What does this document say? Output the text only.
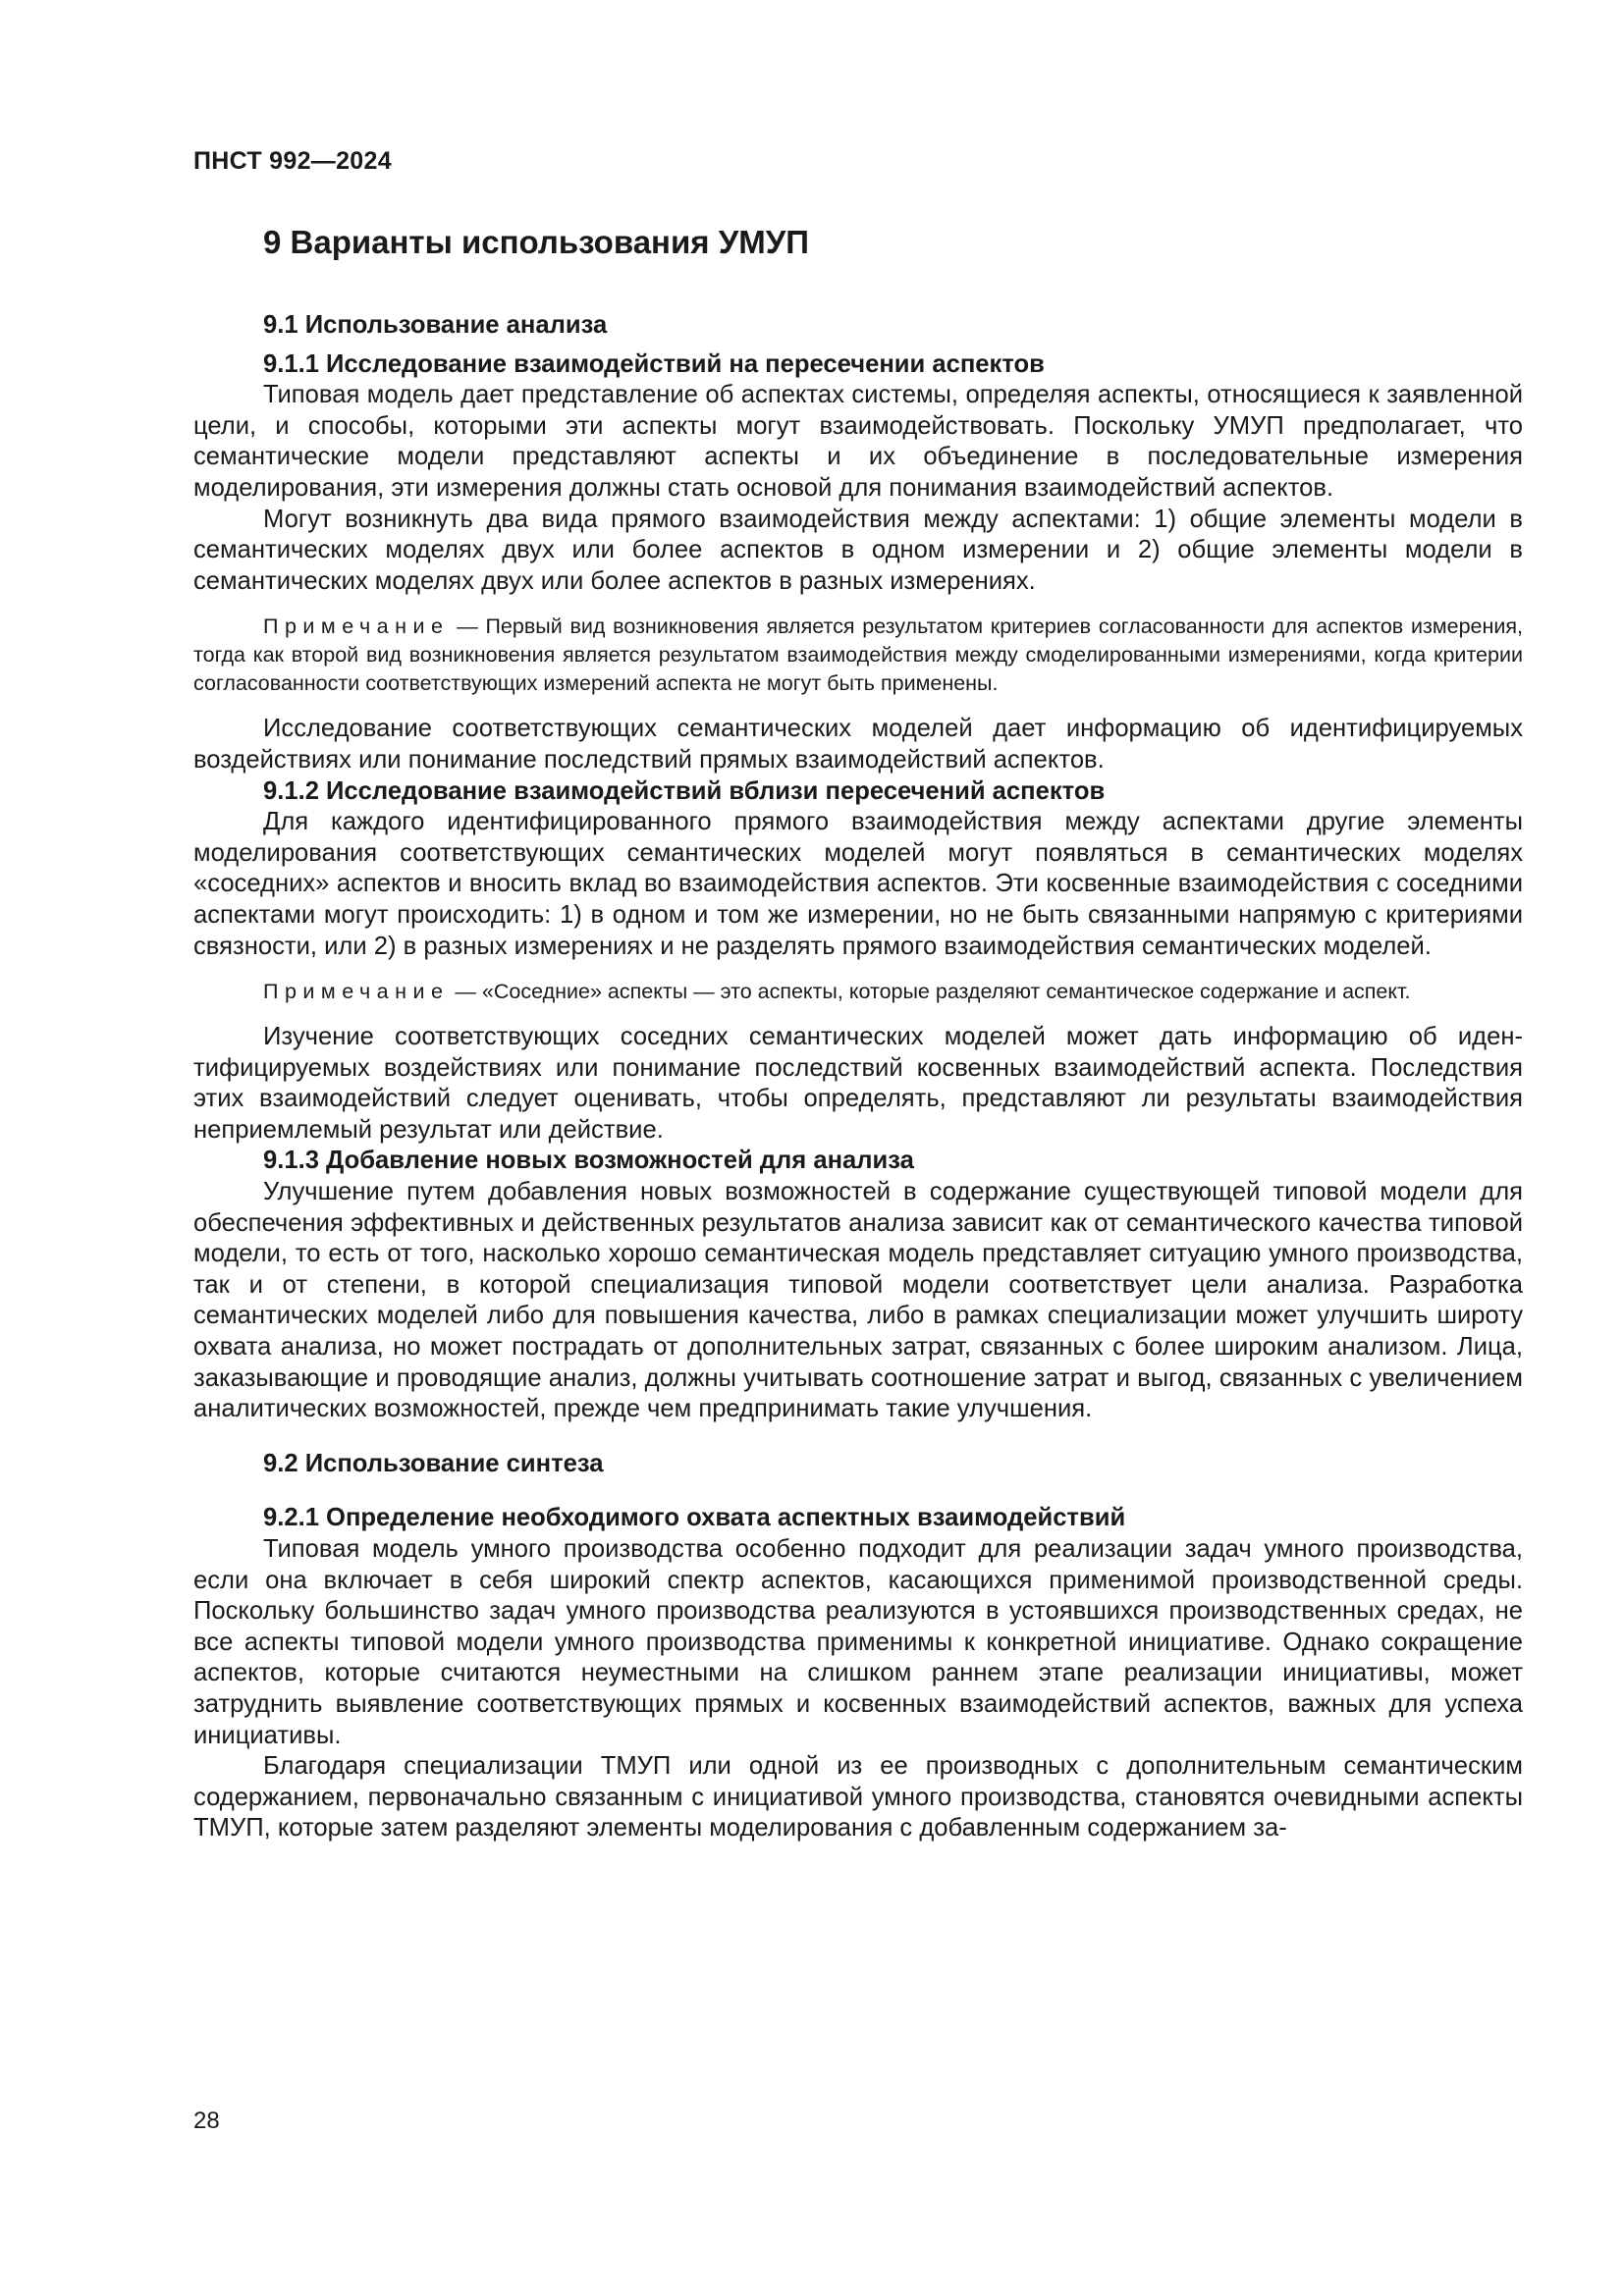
ПНСТ 992—2024

9 Варианты использования УМУП
9.1 Использование анализа
9.1.1 Исследование взаимодействий на пересечении аспектов

Типовая модель дает представление об аспектах системы, определяя аспекты, относящиеся к заявленной цели, и способы, которыми эти аспекты могут взаимодействовать. Поскольку УМУП предполагает, что семантические модели представляют аспекты и их объединение в последовательные измерения моделирования, эти измерения должны стать основой для понимания взаимодействий аспектов.

Могут возникнуть два вида прямого взаимодействия между аспектами: 1) общие элементы модели в семантических моделях двух или более аспектов в одном измерении и 2) общие элементы модели в семантических моделях двух или более аспектов в разных измерениях.

Примечание — Первый вид возникновения является результатом критериев согласованности для аспектов измерения, тогда как второй вид возникновения является результатом взаимодействия между смоделированными измерениями, когда критерии согласованности соответствующих измерений аспекта не могут быть применены.

Исследование соответствующих семантических моделей дает информацию об идентифицируемых воздействиях или понимание последствий прямых взаимодействий аспектов.

9.1.2 Исследование взаимодействий вблизи пересечений аспектов

Для каждого идентифицированного прямого взаимодействия между аспектами другие элементы моделирования соответствующих семантических моделей могут появляться в семантических моделях «соседних» аспектов и вносить вклад во взаимодействия аспектов. Эти косвенные взаимодействия с соседними аспектами могут происходить: 1) в одном и том же измерении, но не быть связанными напрямую с критериями связности, или 2) в разных измерениях и не разделять прямого взаимодействия семантических моделей.

Примечание — «Соседние» аспекты — это аспекты, которые разделяют семантическое содержание и аспект.

Изучение соответствующих соседних семантических моделей может дать информацию об идентифицируемых воздействиях или понимание последствий косвенных взаимодействий аспекта. Последствия этих взаимодействий следует оценивать, чтобы определять, представляют ли результаты взаимодействия неприемлемый результат или действие.

9.1.3 Добавление новых возможностей для анализа

Улучшение путем добавления новых возможностей в содержание существующей типовой модели для обеспечения эффективных и действенных результатов анализа зависит как от семантического качества типовой модели, то есть от того, насколько хорошо семантическая модель представляет ситуацию умного производства, так и от степени, в которой специализация типовой модели соответствует цели анализа. Разработка семантических моделей либо для повышения качества, либо в рамках специализации может улучшить широту охвата анализа, но может пострадать от дополнительных затрат, связанных с более широким анализом. Лица, заказывающие и проводящие анализ, должны учитывать соотношение затрат и выгод, связанных с увеличением аналитических возможностей, прежде чем предпринимать такие улучшения.

9.2 Использование синтеза
9.2.1 Определение необходимого охвата аспектных взаимодействий

Типовая модель умного производства особенно подходит для реализации задач умного производства, если она включает в себя широкий спектр аспектов, касающихся применимой производственной среды. Поскольку большинство задач умного производства реализуются в устоявшихся производственных средах, не все аспекты типовой модели умного производства применимы к конкретной инициативе. Однако сокращение аспектов, которые считаются неуместными на слишком раннем этапе реализации инициативы, может затруднить выявление соответствующих прямых и косвенных взаимодействий аспектов, важных для успеха инициативы.

Благодаря специализации ТМУП или одной из ее производных с дополнительным семантическим содержанием, первоначально связанным с инициативой умного производства, становятся очевидными аспекты ТМУП, которые затем разделяют элементы моделирования с добавленным содержанием за-

28
